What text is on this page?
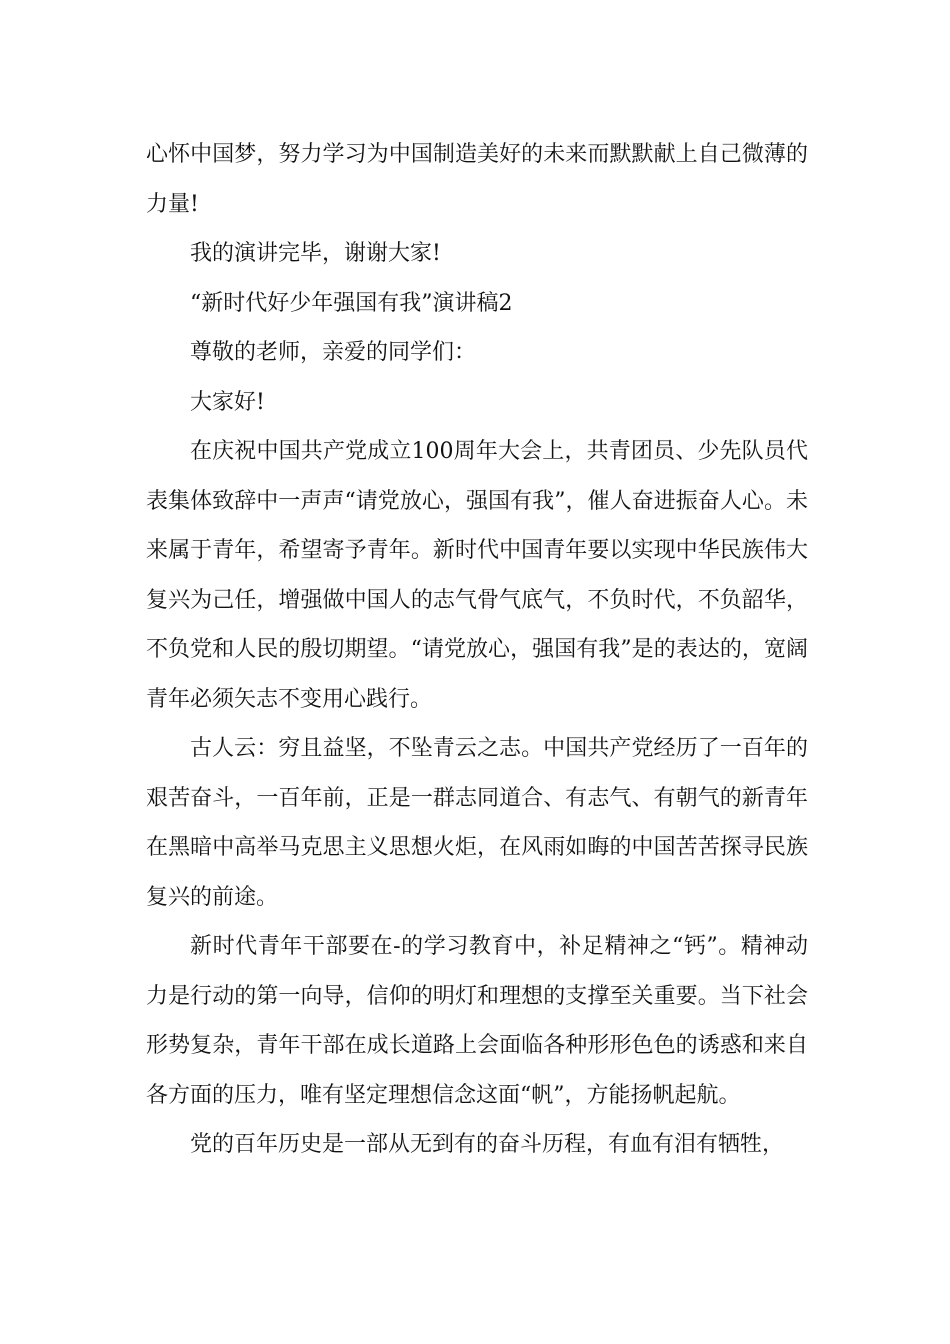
心怀中国梦，努力学习为中国制造美好的未来而默默献上自己微薄的力量!

我的演讲完毕，谢谢大家!

“新时代好少年强国有我”演讲稿2

尊敬的老师，亲爱的同学们：

大家好!

在庆祝中国共产党成立100周年大会上，共青团员、少先队员代表集体致辞中一声声“请党放心，强国有我”，催人奋进振奋人心。未来属于青年，希望寄予青年。新时代中国青年要以实现中华民族伟大复兴为己任，增强做中国人的志气骨气底气，不负时代，不负韶华，不负党和人民的殷切期望。“请党放心，强国有我”是的表达的，宽阔青年必须矢志不变用心践行。

古人云：穷且益坚，不坠青云之志。中国共产党经历了一百年的艰苦奋斗，一百年前，正是一群志同道合、有志气、有朝气的新青年在黑暗中高举马克思主义思想火炬，在风雨如晦的中国苦苦探寻民族复兴的前途。

新时代青年干部要在-的学习教育中，补足精神之“钙”。精神动力是行动的第一向导，信仰的明灯和理想的支撑至关重要。当下社会形势复杂，青年干部在成长道路上会面临各种形形色色的诱惑和来自各方面的压力，唯有坚定理想信念这面“帆”，方能扬帆起航。

党的百年历史是一部从无到有的奋斗历程，有血有泪有牺牲，
